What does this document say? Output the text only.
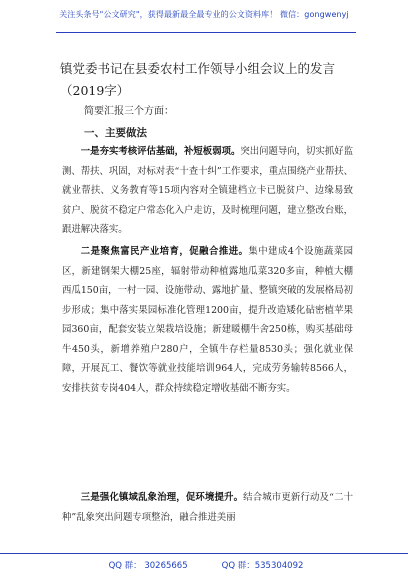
关注头条号"公文研究"，获得最新最全最专业的公文资料库！ 微信：gongwenyj
镇党委书记在县委农村工作领导小组会议上的发言（2019字）

简要汇报三个方面：

一、主要做法

一是夯实考核评估基础，补短板弱项。突出问题导向，切实抓好监测、帮扶、巩固，对标对表“十查十纠”工作要求，重点围绕产业帮扶、就业帮扶、义务教育等15项内容对全镇建档立卡已脱贫户、边缘易致贫户、脱贫不稳定户常态化入户走访，及时梳理问题，建立整改台账，跟进解决落实。

二是聚焦富民产业培育，促融合推进。集中建成4个设施蔬菜园区，新建钢架大棚25座，辐射带动种植露地瓜菜320多亩，种植大棚西瓜150亩，一村一园、设施带动、露地扩量、整镇突破的发展格局初步形成；集中落实果园标准化管理1200亩，提升改造矮化砧密植苹果园360亩，配套安装立架栽培设施；新建暖棚牛舍250栋，购买基础母牛450头，新增养殖户280户，全镇牛存栏量8530头；强化就业保障，开展瓦工、餐饮等就业技能培训964人，完成劳务输转8566人，安排扶贫专岗404人，群众持续稳定增收基础不断夯实。

三是强化镇域乱象治理，促环境提升。结合城市更新行动及“二十种”乱象突出问题专项整治，融合推进美丽

QQ 群： 30265665	QQ 群：535304092
